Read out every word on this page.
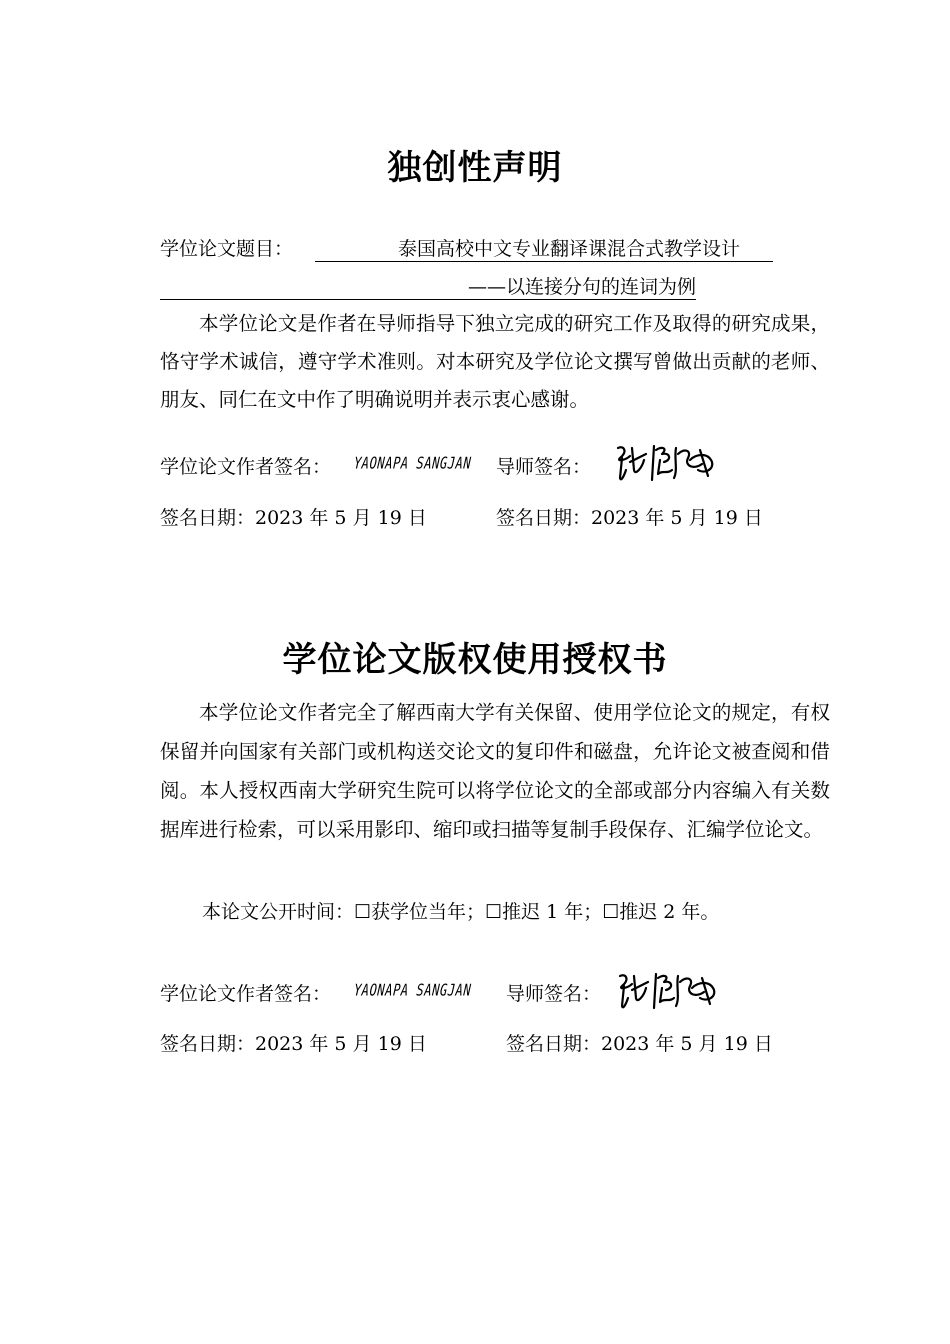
独创性声明
学位论文题目：	泰国高校中文专业翻译课混合式教学设计
——以连接分句的连词为例

本学位论文是作者在导师指导下独立完成的研究工作及取得的研究成果，恪守学术诚信，遵守学术准则。对本研究及学位论文撰写曾做出贡献的老师、朋友、同仁在文中作了明确说明并表示衷心感谢。

学位论文作者签名： YAONAPA SANGJAN 导师签名：
签名日期：2023 年 5 月 19 日	签名日期：2023 年 5 月 19 日
学位论文版权使用授权书

本学位论文作者完全了解西南大学有关保留、使用学位论文的规定，有权保留并向国家有关部门或机构送交论文的复印件和磁盘，允许论文被查阅和借阅。本人授权西南大学研究生院可以将学位论文的全部或部分内容编入有关数据库进行检索，可以采用影印、缩印或扫描等复制手段保存、汇编学位论文。

本论文公开时间：☐获学位当年；☐推迟 1 年；☐推迟 2 年。
学位论文作者签名： YAONAPA SANGJAN 导师签名：
签名日期：2023 年 5 月 19 日	签名日期：2023 年 5 月 19 日
